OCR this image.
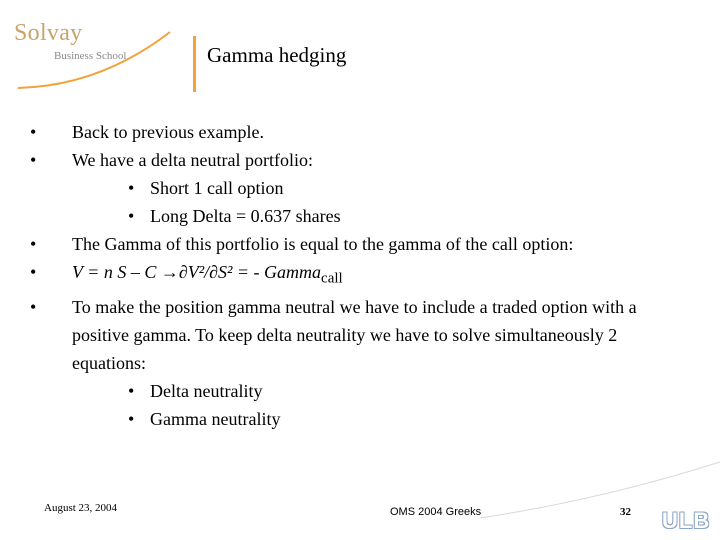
Solvay
Business School	Gamma hedging
• Back to previous example.
• We have a delta neutral portfolio:
• Short 1 call option
• Long Delta = 0.637 shares
• The Gamma of this portfolio is equal to the gamma of the call option:
• V = n S – C →∂V²/∂S² = - Gamma$_{call}$
• To make the position gamma neutral we have to include a traded option with a positive gamma. To keep delta neutrality we have to solve simultaneously 2 equations:
• Delta neutrality
• Gamma neutrality
August 23, 2004	OMS 2004 Greeks	32 ULB
